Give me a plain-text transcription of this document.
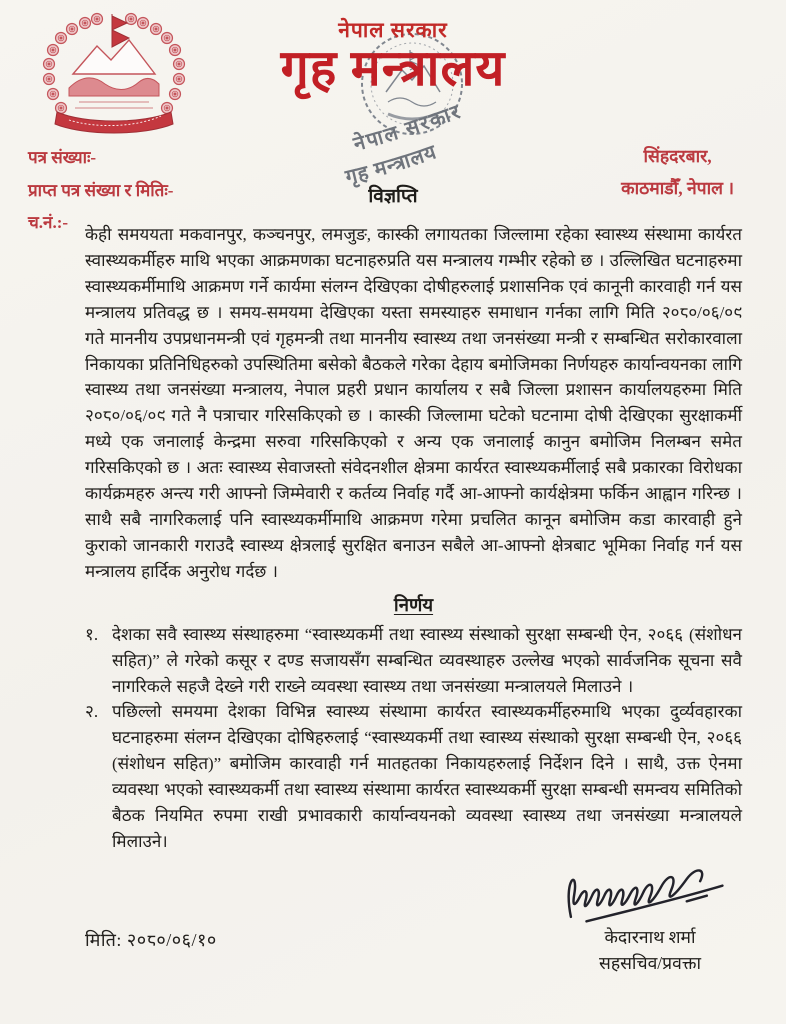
नेपाल सरकार
गृह मन्त्रालय
नेपाल सरकार
गृह मन्त्रालय
पत्र संख्याः-
प्राप्त पत्र संख्या र मितिः-
च.नं.:-
सिंहदरबार,
काठमाडौँ, नेपाल ।
विज्ञप्ति

केही समययता मकवानपुर, कञ्चनपुर, लमजुङ, कास्की लगायतका जिल्लामा रहेका स्वास्थ्य संस्थामा कार्यरत स्वास्थ्यकर्मीहरु माथि भएका आक्रमणका घटनाहरुप्रति यस मन्त्रालय गम्भीर रहेको छ । उल्लिखित घटनाहरुमा स्वास्थ्यकर्मीमाथि आक्रमण गर्ने कार्यमा संलग्न देखिएका दोषीहरुलाई प्रशासनिक एवं कानूनी कारवाही गर्न यस मन्त्रालय प्रतिवद्ध छ । समय-समयमा देखिएका यस्ता समस्याहरु समाधान गर्नका लागि मिति २०८०/०६/०९ गते माननीय उपप्रधानमन्त्री एवं गृहमन्त्री तथा माननीय स्वास्थ्य तथा जनसंख्या मन्त्री र सम्बन्धित सरोकारवाला निकायका प्रतिनिधिहरुको उपस्थितिमा बसेको बैठकले गरेका देहाय बमोजिमका निर्णयहरु कार्यान्वयनका लागि स्वास्थ्य तथा जनसंख्या मन्त्रालय, नेपाल प्रहरी प्रधान कार्यालय र सबै जिल्ला प्रशासन कार्यालयहरुमा मिति २०८०/०६/०९ गते नै पत्राचार गरिसकिएको छ । कास्की जिल्लामा घटेको घटनामा दोषी देखिएका सुरक्षाकर्मी मध्ये एक जनालाई केन्द्रमा सरुवा गरिसकिएको र अन्य एक जनालाई कानुन बमोजिम निलम्बन समेत गरिसकिएको छ । अतः स्वास्थ्य सेवाजस्तो संवेदनशील क्षेत्रमा कार्यरत स्वास्थ्यकर्मीलाई सबै प्रकारका विरोधका कार्यक्रमहरु अन्त्य गरी आफ्नो जिम्मेवारी र कर्तव्य निर्वाह गर्दै आ-आफ्नो कार्यक्षेत्रमा फर्किन आह्वान गरिन्छ । साथै सबै नागरिकलाई पनि स्वास्थ्यकर्मीमाथि आक्रमण गरेमा प्रचलित कानून बमोजिम कडा कारवाही हुने कुराको जानकारी गराउदै स्वास्थ्य क्षेत्रलाई सुरक्षित बनाउन सबैले आ-आफ्नो क्षेत्रबाट भूमिका निर्वाह गर्न यस मन्त्रालय हार्दिक अनुरोध गर्दछ ।

निर्णय
१. देशका सवै स्वास्थ्य संस्थाहरुमा “स्वास्थ्यकर्मी तथा स्वास्थ्य संस्थाको सुरक्षा सम्बन्धी ऐन, २०६६ (संशोधन सहित)” ले गरेको कसूर र दण्ड सजायसँग सम्बन्धित व्यवस्थाहरु उल्लेख भएको सार्वजनिक सूचना सवै नागरिकले सहजै देख्ने गरी राख्ने व्यवस्था स्वास्थ्य तथा जनसंख्या मन्त्रालयले मिलाउने ।
२. पछिल्लो समयमा देशका विभिन्न स्वास्थ्य संस्थामा कार्यरत स्वास्थ्यकर्मीहरुमाथि भएका दुर्व्यवहारका घटनाहरुमा संलग्न देखिएका दोषिहरुलाई “स्वास्थ्यकर्मी तथा स्वास्थ्य संस्थाको सुरक्षा सम्बन्धी ऐन, २०६६ (संशोधन सहित)” बमोजिम कारवाही गर्न मातहतका निकायहरुलाई निर्देशन दिने । साथै, उक्त ऐनमा व्यवस्था भएको स्वास्थ्यकर्मी तथा स्वास्थ्य संस्थामा कार्यरत स्वास्थ्यकर्मी सुरक्षा सम्बन्धी समन्वय समितिको बैठक नियमित रुपमा राखी प्रभावकारी कार्यान्वयनको व्यवस्था स्वास्थ्य तथा जनसंख्या मन्त्रालयले मिलाउने।
मिति: २०८०/०६/१०	केदारनाथ शर्मा
सहसचिव/प्रवक्ता
